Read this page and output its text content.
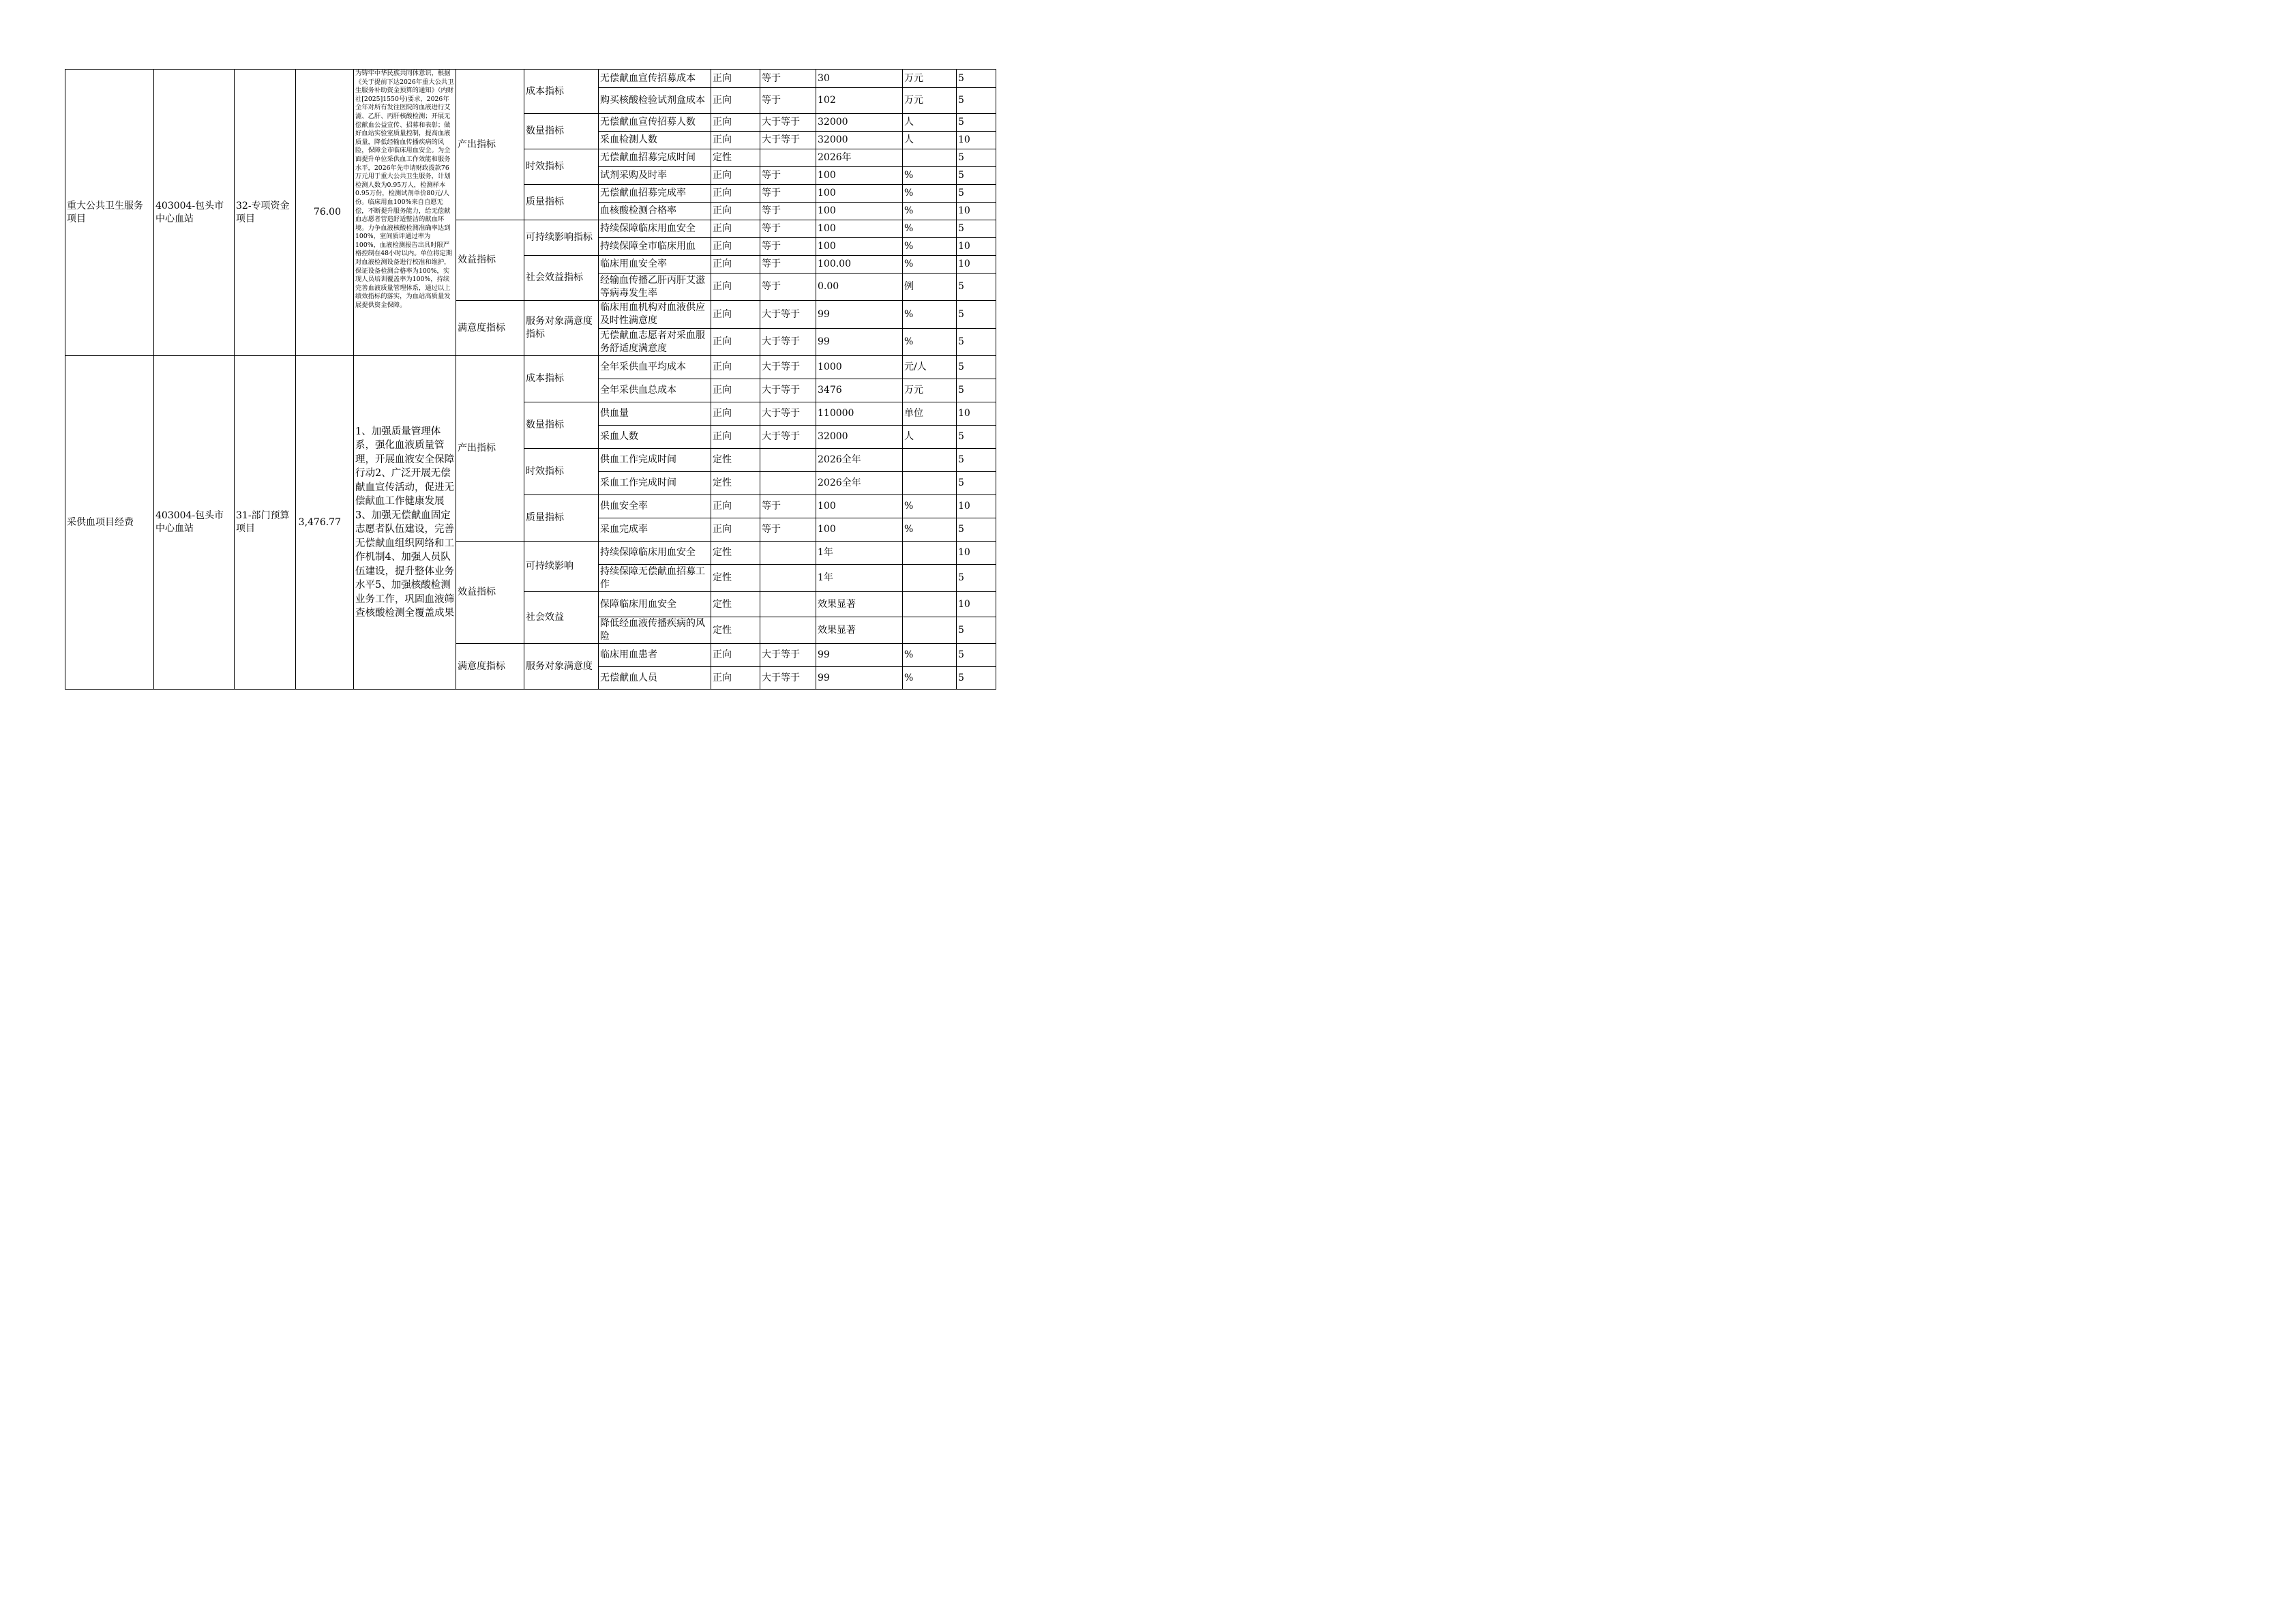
重大公共卫生服务项目	403004-包头市中心血站	32-专项资金项目	76.00	为铸牢中华民族共同体意识，根据《关于提前下达2026年重大公共卫生服务补助资金预算的通知》（内财社[2025]1550号)要求，2026年全年对所有发往医院的血液进行艾滋、乙肝、丙肝核酸检测；开展无偿献血公益宣传、招募和表彰；做好血站实验室质量控制，提高血液质量，降低经输血传播疾病的风险，保障全市临床用血安全。为全面提升单位采供血工作效能和服务水平，2026年先申请财政拨款76万元用于重大公共卫生服务，计划检测人数为0.95万人，检测样本0.95万份，检测试剂单价80元/人份。临床用血100%来自自愿无偿，不断提升服务能力，给无偿献血志愿者营造舒适整洁的献血环境。力争血液核酸检测准确率达到100%，室间质评通过率为100%，血液检测报告出具时限严格控制在48小时以内。单位将定期对血液检测设备进行校准和维护，保证设备检测合格率为100%，实现人员培训覆盖率为100%，持续完善血液质量管理体系，通过以上绩效指标的落实，为血站高质量发展提供资金保障。	产出指标	成本指标	无偿献血宣传招募成本	正向	等于	30	万元	5
							购买核酸检验试剂盒成本	正向	等于	102	万元	5
						数量指标	无偿献血宣传招募人数	正向	大于等于	32000	人	5
							采血检测人数	正向	大于等于	32000	人	10
						时效指标	无偿献血招募完成时间	定性		2026年		5
							试剂采购及时率	正向	等于	100	%	5
						质量指标	无偿献血招募完成率	正向	等于	100	%	5
							血核酸检测合格率	正向	等于	100	%	10
					效益指标	可持续影响指标	持续保障临床用血安全	正向	等于	100	%	5
							持续保障全市临床用血	正向	等于	100	%	10
						社会效益指标	临床用血安全率	正向	等于	100.00	%	10
							经输血传播乙肝丙肝艾滋等病毒发生率	正向	等于	0.00	例	5
					满意度指标	服务对象满意度指标	临床用血机构对血液供应及时性满意度	正向	大于等于	99	%	5
							无偿献血志愿者对采血服务舒适度满意度	正向	大于等于	99	%	5
采供血项目经费	403004-包头市中心血站	31-部门预算项目	3,476.77	1、加强质量管理体系，强化血液质量管理，开展血液安全保障行动2、广泛开展无偿献血宣传活动，促进无偿献血工作健康发展3、加强无偿献血固定志愿者队伍建设，完善无偿献血组织网络和工作机制4、加强人员队伍建设，提升整体业务水平5、加强核酸检测业务工作，巩固血液筛查核酸检测全覆盖成果	产出指标	成本指标	全年采供血平均成本	正向	大于等于	1000	元/人	5
							全年采供血总成本	正向	大于等于	3476	万元	5
						数量指标	供血量	正向	大于等于	110000	单位	10
							采血人数	正向	大于等于	32000	人	5
						时效指标	供血工作完成时间	定性		2026全年		5
							采血工作完成时间	定性		2026全年		5
						质量指标	供血安全率	正向	等于	100	%	10
							采血完成率	正向	等于	100	%	5
					效益指标	可持续影响	持续保障临床用血安全	定性		1年		10
							持续保障无偿献血招募工作	定性		1年		5
						社会效益	保障临床用血安全	定性		效果显著		10
							降低经血液传播疾病的风险	定性		效果显著		5
					满意度指标	服务对象满意度	临床用血患者	正向	大于等于	99	%	5
							无偿献血人员	正向	大于等于	99	%	5
